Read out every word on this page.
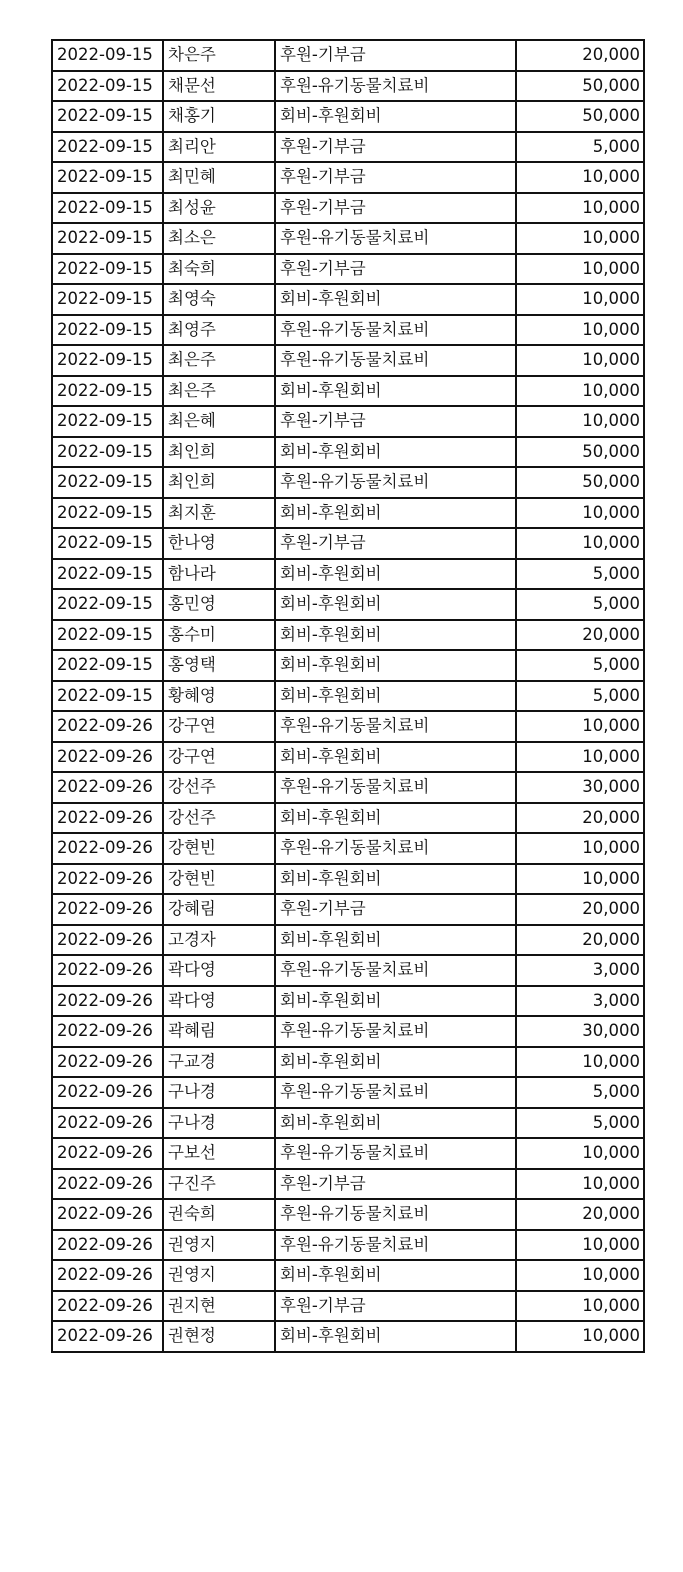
2022-09-15	차은주	후원-기부금	20,000
2022-09-15	채문선	후원-유기동물치료비	50,000
2022-09-15	채홍기	회비-후원회비	50,000
2022-09-15	최리안	후원-기부금	5,000
2022-09-15	최민혜	후원-기부금	10,000
2022-09-15	최성윤	후원-기부금	10,000
2022-09-15	최소은	후원-유기동물치료비	10,000
2022-09-15	최숙희	후원-기부금	10,000
2022-09-15	최영숙	회비-후원회비	10,000
2022-09-15	최영주	후원-유기동물치료비	10,000
2022-09-15	최은주	후원-유기동물치료비	10,000
2022-09-15	최은주	회비-후원회비	10,000
2022-09-15	최은혜	후원-기부금	10,000
2022-09-15	최인희	회비-후원회비	50,000
2022-09-15	최인희	후원-유기동물치료비	50,000
2022-09-15	최지훈	회비-후원회비	10,000
2022-09-15	한나영	후원-기부금	10,000
2022-09-15	함나라	회비-후원회비	5,000
2022-09-15	홍민영	회비-후원회비	5,000
2022-09-15	홍수미	회비-후원회비	20,000
2022-09-15	홍영택	회비-후원회비	5,000
2022-09-15	황혜영	회비-후원회비	5,000
2022-09-26	강구연	후원-유기동물치료비	10,000
2022-09-26	강구연	회비-후원회비	10,000
2022-09-26	강선주	후원-유기동물치료비	30,000
2022-09-26	강선주	회비-후원회비	20,000
2022-09-26	강현빈	후원-유기동물치료비	10,000
2022-09-26	강현빈	회비-후원회비	10,000
2022-09-26	강혜림	후원-기부금	20,000
2022-09-26	고경자	회비-후원회비	20,000
2022-09-26	곽다영	후원-유기동물치료비	3,000
2022-09-26	곽다영	회비-후원회비	3,000
2022-09-26	곽혜림	후원-유기동물치료비	30,000
2022-09-26	구교경	회비-후원회비	10,000
2022-09-26	구나경	후원-유기동물치료비	5,000
2022-09-26	구나경	회비-후원회비	5,000
2022-09-26	구보선	후원-유기동물치료비	10,000
2022-09-26	구진주	후원-기부금	10,000
2022-09-26	권숙희	후원-유기동물치료비	20,000
2022-09-26	권영지	후원-유기동물치료비	10,000
2022-09-26	권영지	회비-후원회비	10,000
2022-09-26	권지현	후원-기부금	10,000
2022-09-26	권현정	회비-후원회비	10,000
